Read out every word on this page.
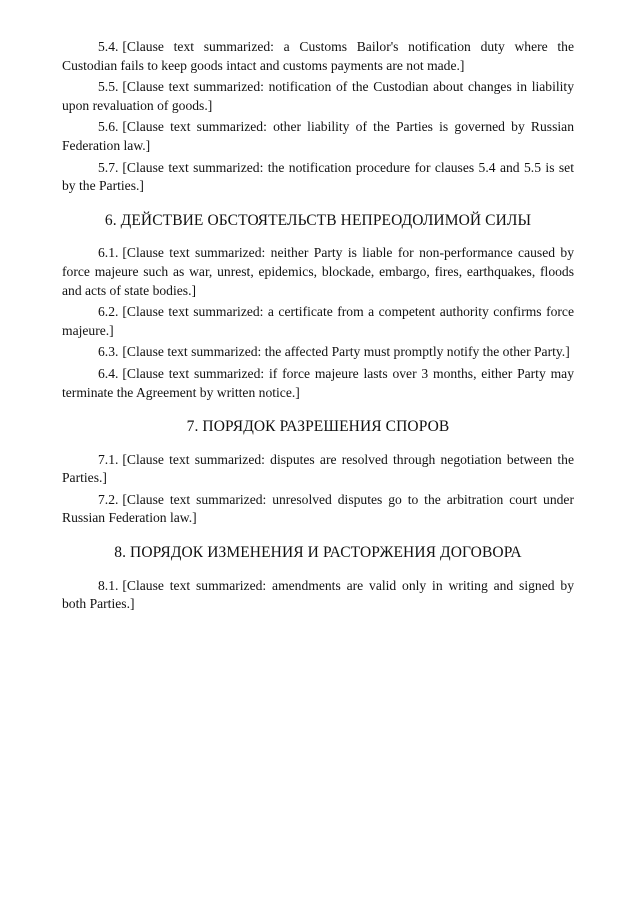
5.4. [Clause text summarized: a Customs Bailor's notification duty where the Custodian fails to keep goods intact and customs payments are not made.]

5.5. [Clause text summarized: notification of the Custodian about changes in liability upon revaluation of goods.]

5.6. [Clause text summarized: other liability of the Parties is governed by Russian Federation law.]

5.7. [Clause text summarized: the notification procedure for clauses 5.4 and 5.5 is set by the Parties.]

6. ДЕЙСТВИЕ ОБСТОЯТЕЛЬСТВ НЕПРЕОДОЛИМОЙ СИЛЫ

6.1. [Clause text summarized: neither Party is liable for non-performance caused by force majeure such as war, unrest, epidemics, blockade, embargo, fires, earthquakes, floods and acts of state bodies.]

6.2. [Clause text summarized: a certificate from a competent authority confirms force majeure.]

6.3. [Clause text summarized: the affected Party must promptly notify the other Party.]

6.4. [Clause text summarized: if force majeure lasts over 3 months, either Party may terminate the Agreement by written notice.]

7. ПОРЯДОК РАЗРЕШЕНИЯ СПОРОВ

7.1. [Clause text summarized: disputes are resolved through negotiation between the Parties.]

7.2. [Clause text summarized: unresolved disputes go to the arbitration court under Russian Federation law.]

8. ПОРЯДОК ИЗМЕНЕНИЯ И РАСТОРЖЕНИЯ ДОГОВОРА

8.1. [Clause text summarized: amendments are valid only in writing and signed by both Parties.]
